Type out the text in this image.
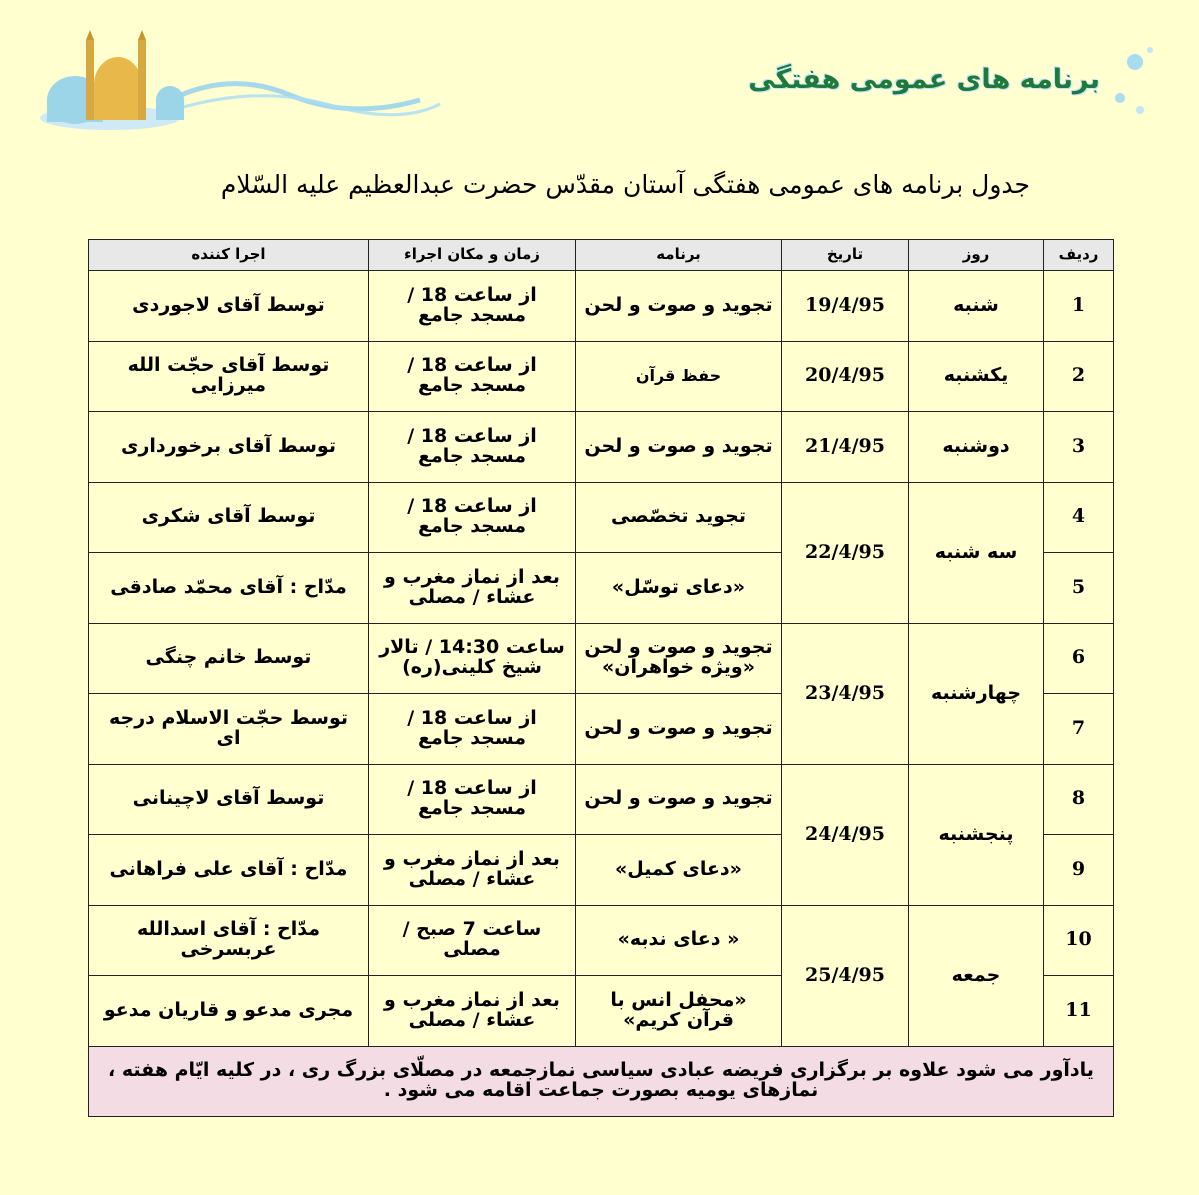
برنامه های عمومی هفتگی
جدول برنامه های عمومی هفتگی آستان مقدّس حضرت عبدالعظیم علیه السّلام
ردیف	روز	تاریخ	برنامه	زمان و مکان اجراء	اجرا کننده
1	شنبه	19/4/95	تجوید و صوت و لحن	از ساعت 18 / مسجد جامع	توسط آقای لاجوردی
2	یکشنبه	20/4/95	حفظ قرآن	از ساعت 18 / مسجد جامع	توسط آقای حجّت الله میرزایی
3	دوشنبه	21/4/95	تجوید و صوت و لحن	از ساعت 18 / مسجد جامع	توسط آقای برخورداری
4	سه شنبه	22/4/95	تجوید تخصّصی	از ساعت 18 / مسجد جامع	توسط آقای شکری
5			«دعای توسّل»	بعد از نماز مغرب و عشاء / مصلی	مدّاح : آقای محمّد صادقی
6	چهارشنبه	23/4/95	تجوید و صوت و لحن «ویژه خواهران»	ساعت 14:30 / تالار شیخ کلینی(ره)	توسط خانم چنگی
7			تجوید و صوت و لحن	از ساعت 18 / مسجد جامع	توسط حجّت الاسلام درجه ای
8	پنجشنبه	24/4/95	تجوید و صوت و لحن	از ساعت 18 / مسجد جامع	توسط آقای لاچینانی
9			«دعای کمیل»	بعد از نماز مغرب و عشاء / مصلی	مدّاح : آقای علی فراهانی
10	جمعه	25/4/95	« دعای ندبه»	ساعت 7 صبح / مصلی	مدّاح : آقای اسدالله عربسرخی
11			«محفل انس با قرآن کریم»	بعد از نماز مغرب و عشاء / مصلی	مجری مدعو و قاریان مدعو
یادآور می شود علاوه بر برگزاری فریضه عبادی سیاسی نمازجمعه در مصلّای بزرگ ری ، در کلیه ایّام هفته ، نمازهای یومیه بصورت جماعت اقامه می شود .					
